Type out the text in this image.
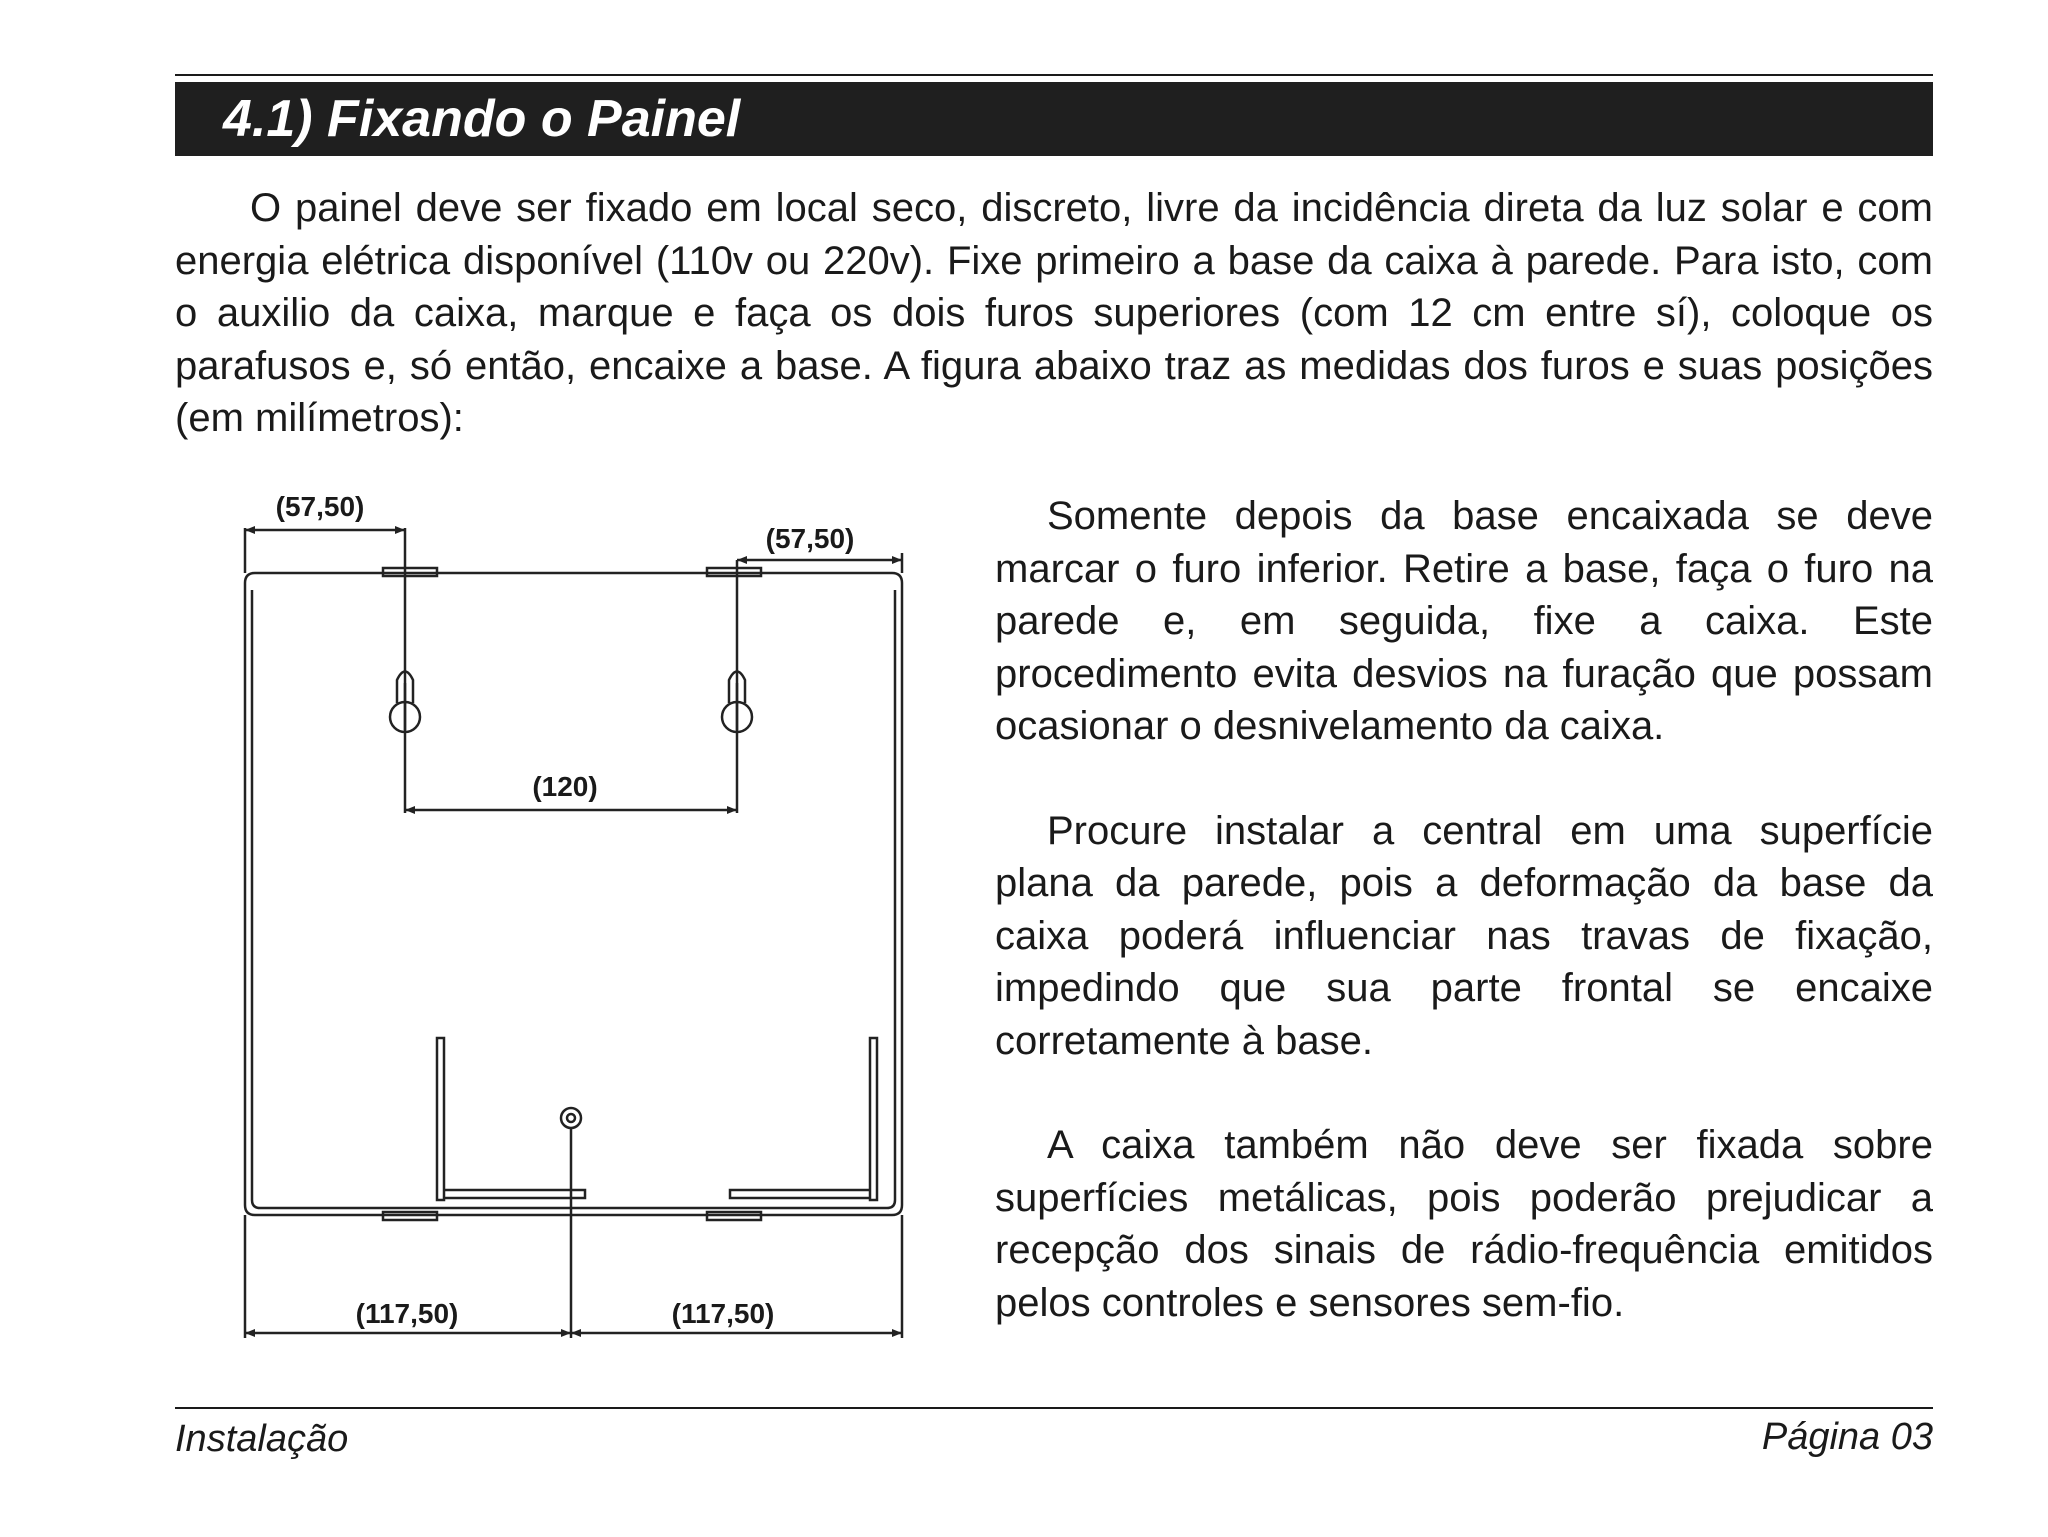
4.1) Fixando o Painel

O painel deve ser fixado em local seco, discreto, livre da incidência direta da luz solar e com energia elétrica disponível (110v ou 220v). Fixe primeiro a base da caixa à parede. Para isto, com o auxilio da caixa, marque e faça os dois furos superiores (com 12 cm entre sí), coloque os parafusos e, só então, encaixe a base. A figura abaixo traz as medidas dos furos e suas posições (em milímetros):

(57,50)
(57,50)
(120)
(117,50)	(117,50)

Somente depois da base encaixada se deve marcar o furo inferior. Retire a base, faça o furo na parede e, em seguida, fixe a caixa. Este procedimento evita desvios na furação que possam ocasionar o desnivelamento da caixa.

Procure instalar a central em uma superfície plana da parede, pois a deformação da base da caixa poderá influenciar nas travas de fixação, impedindo que sua parte frontal se encaixe corretamente à base.

A caixa também não deve ser fixada sobre superfícies metálicas, pois poderão prejudicar a recepção dos sinais de rádio-frequência emitidos pelos controles e sensores sem-fio.

Instalação	Página 03
